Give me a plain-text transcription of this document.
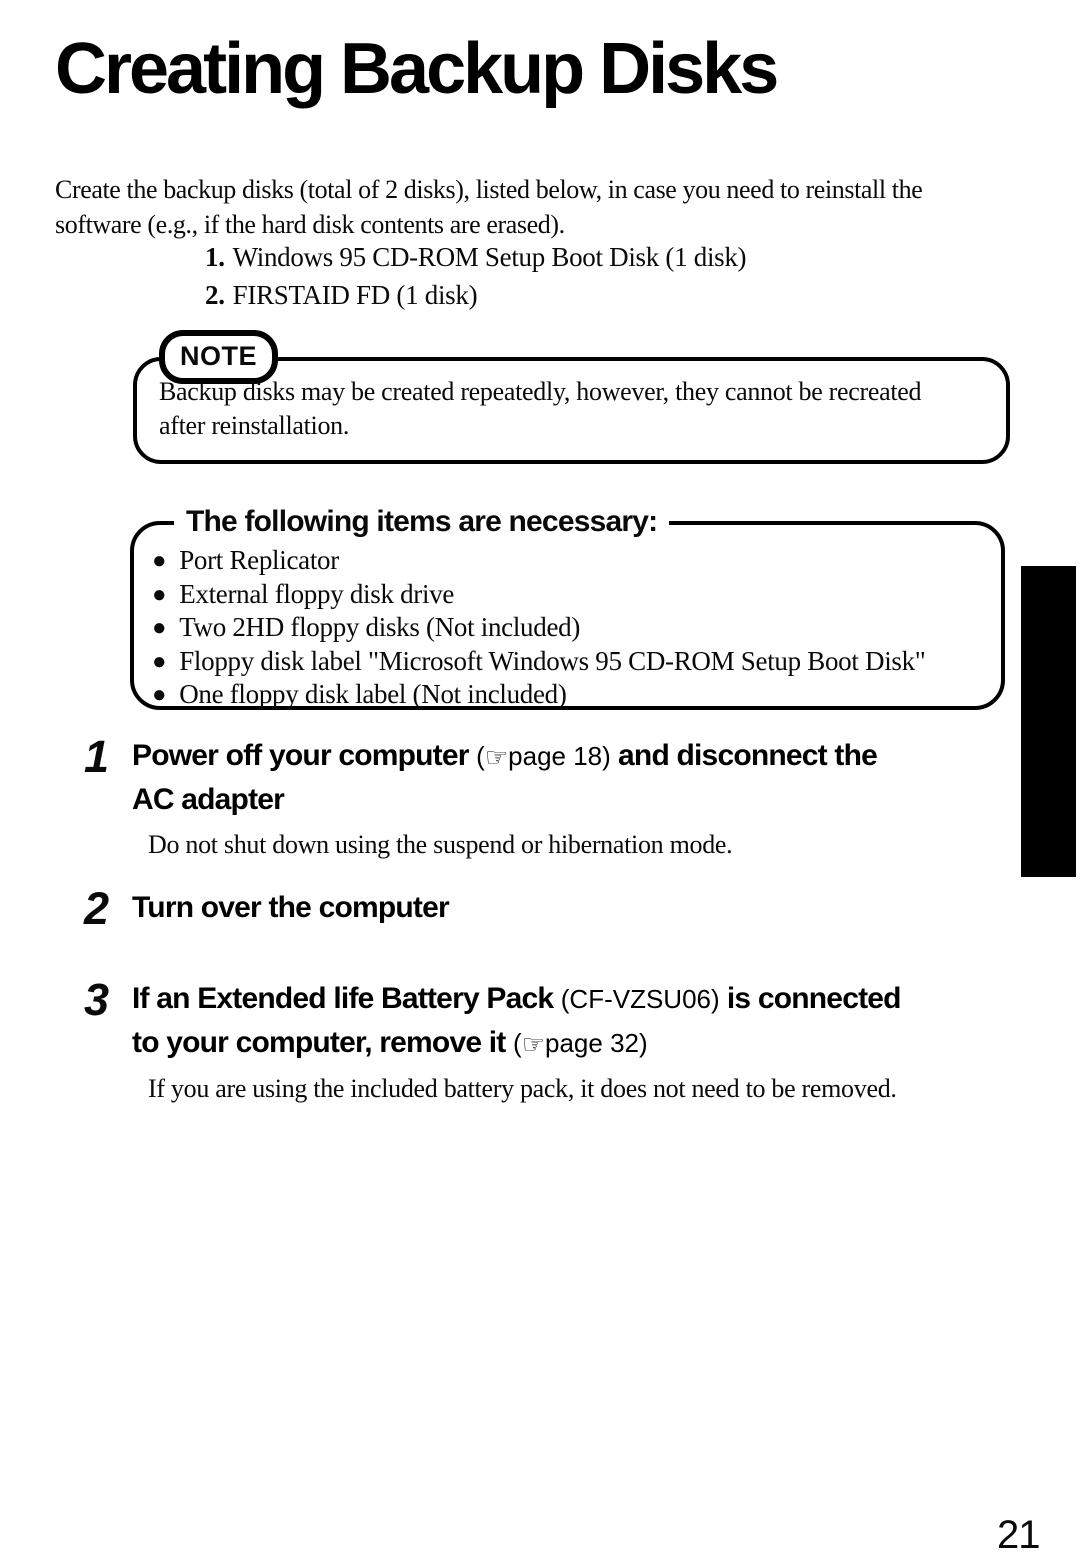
Creating Backup Disks
Create the backup disks (total of 2 disks), listed below, in case you need to reinstall the
software (e.g., if the hard disk contents are erased).
1. Windows 95 CD-ROM Setup Boot Disk (1 disk)
2. FIRSTAID FD (1 disk)
NOTE
Backup disks may be created repeatedly, however, they cannot be recreated
after reinstallation.
The following items are necessary:
● Port Replicator
● External floppy disk drive
● Two 2HD floppy disks (Not included)
● Floppy disk label "Microsoft Windows 95 CD-ROM Setup Boot Disk"
● One floppy disk label (Not included)
1 Power off your computer (☞page 18) and disconnect the
AC adapter
Do not shut down using the suspend or hibernation mode.
2 Turn over the computer
3 If an Extended life Battery Pack (CF-VZSU06) is connected
to your computer, remove it (☞page 32)
If you are using the included battery pack, it does not need to be removed.
21
